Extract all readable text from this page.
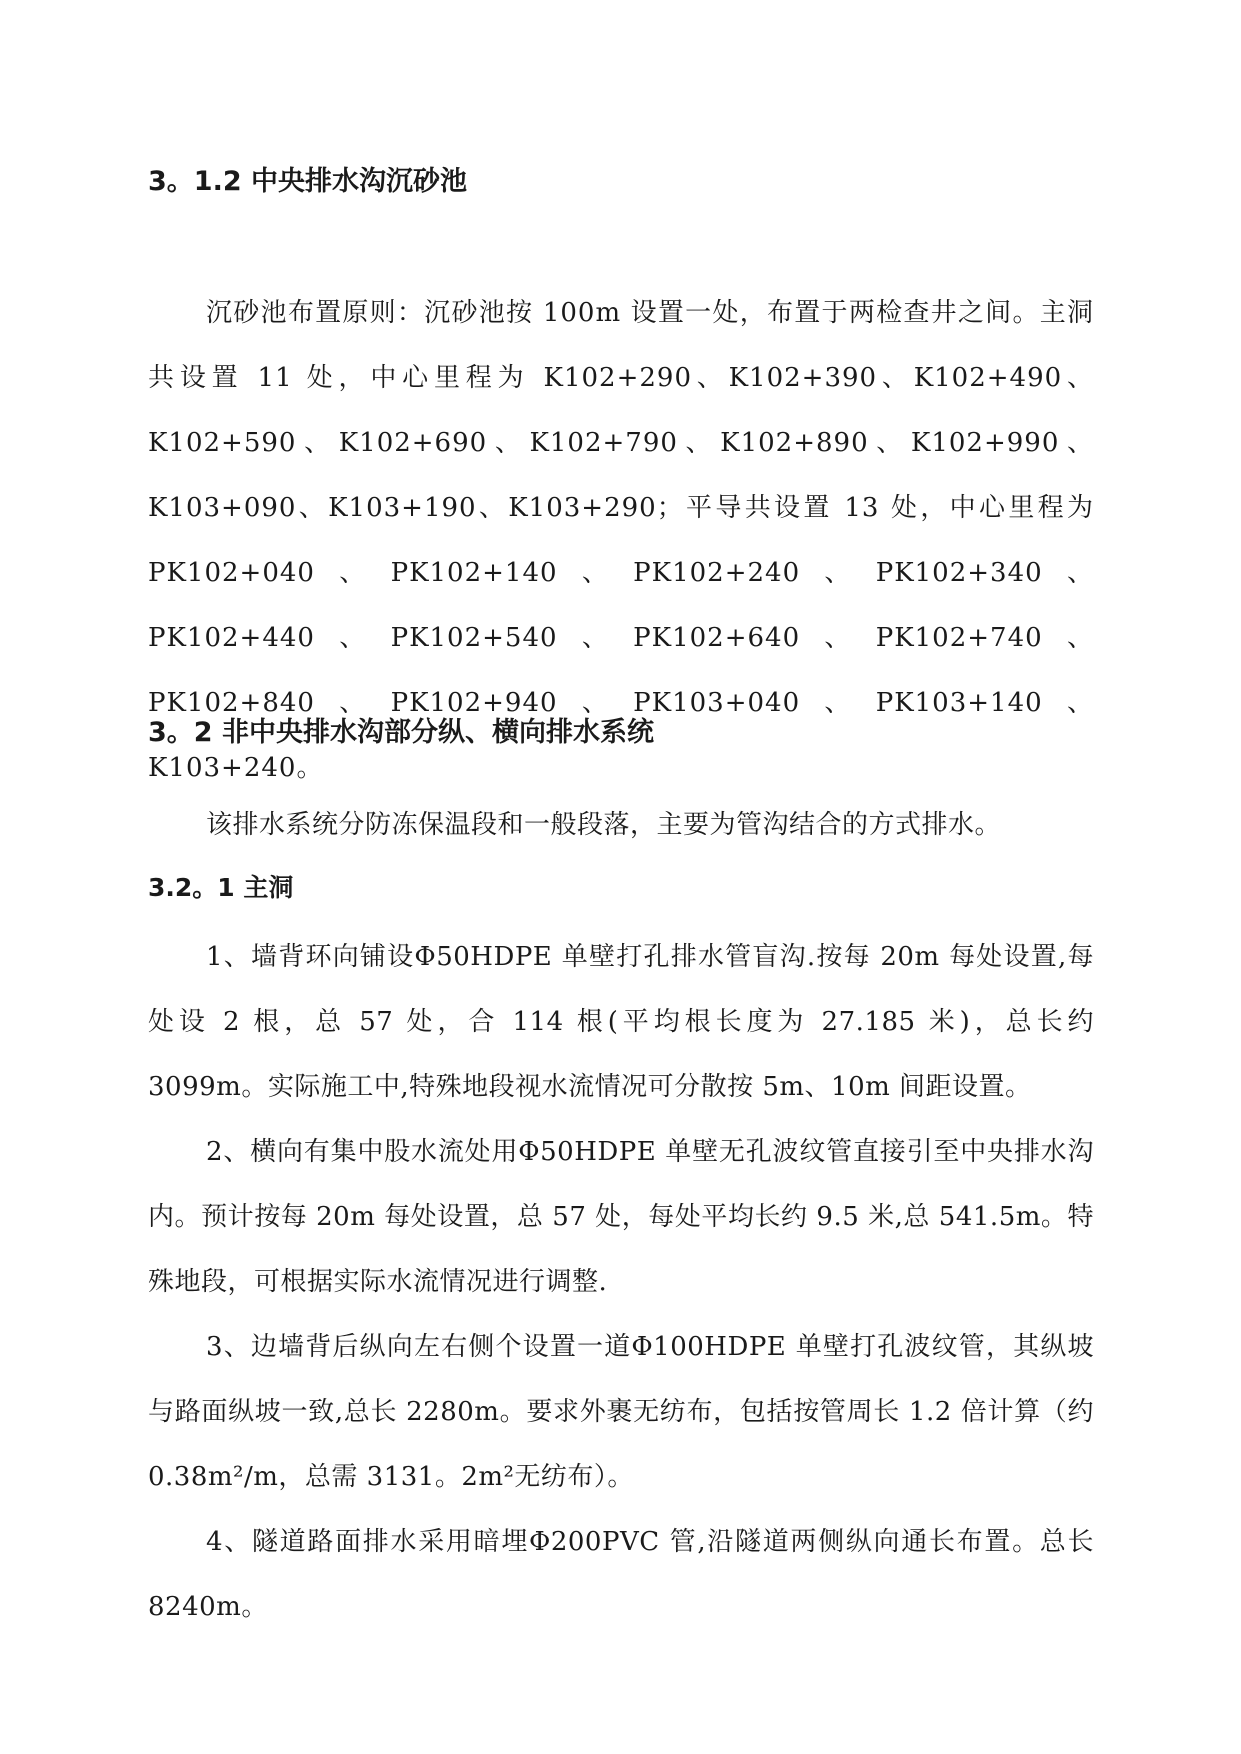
3。1.2 中央排水沟沉砂池

沉砂池布置原则：沉砂池按 100m 设置一处，布置于两检查井之间。主洞共设置 11 处，中心里程为 K102+290、K102+390、K102+490、K102+590、K102+690、K102+790、K102+890、K102+990、K103+090、K103+190、K103+290；平导共设置 13 处，中心里程为 PK102+040、PK102+140、PK102+240、PK102+340、PK102+440、PK102+540、PK102+640、PK102+740、PK102+840、PK102+940、PK103+040、PK103+140、K103+240。

3。2 非中央排水沟部分纵、横向排水系统

该排水系统分防冻保温段和一般段落，主要为管沟结合的方式排水。

3.2。1 主洞

1、墙背环向铺设Φ50HDPE 单壁打孔排水管盲沟.按每 20m 每处设置,每处设 2 根，总 57 处，合 114 根(平均根长度为 27.185 米)，总长约 3099m。实际施工中,特殊地段视水流情况可分散按 5m、10m 间距设置。

2、横向有集中股水流处用Φ50HDPE 单壁无孔波纹管直接引至中央排水沟内。预计按每 20m 每处设置，总 57 处，每处平均长约 9.5 米,总 541.5m。特殊地段，可根据实际水流情况进行调整.

3、边墙背后纵向左右侧个设置一道Φ100HDPE 单壁打孔波纹管，其纵坡与路面纵坡一致,总长 2280m。要求外裹无纺布，包括按管周长 1.2 倍计算（约 0.38m²/m，总需 3131。2m²无纺布）。

4、隧道路面排水采用暗埋Φ200PVC 管,沿隧道两侧纵向通长布置。总长 8240m。
